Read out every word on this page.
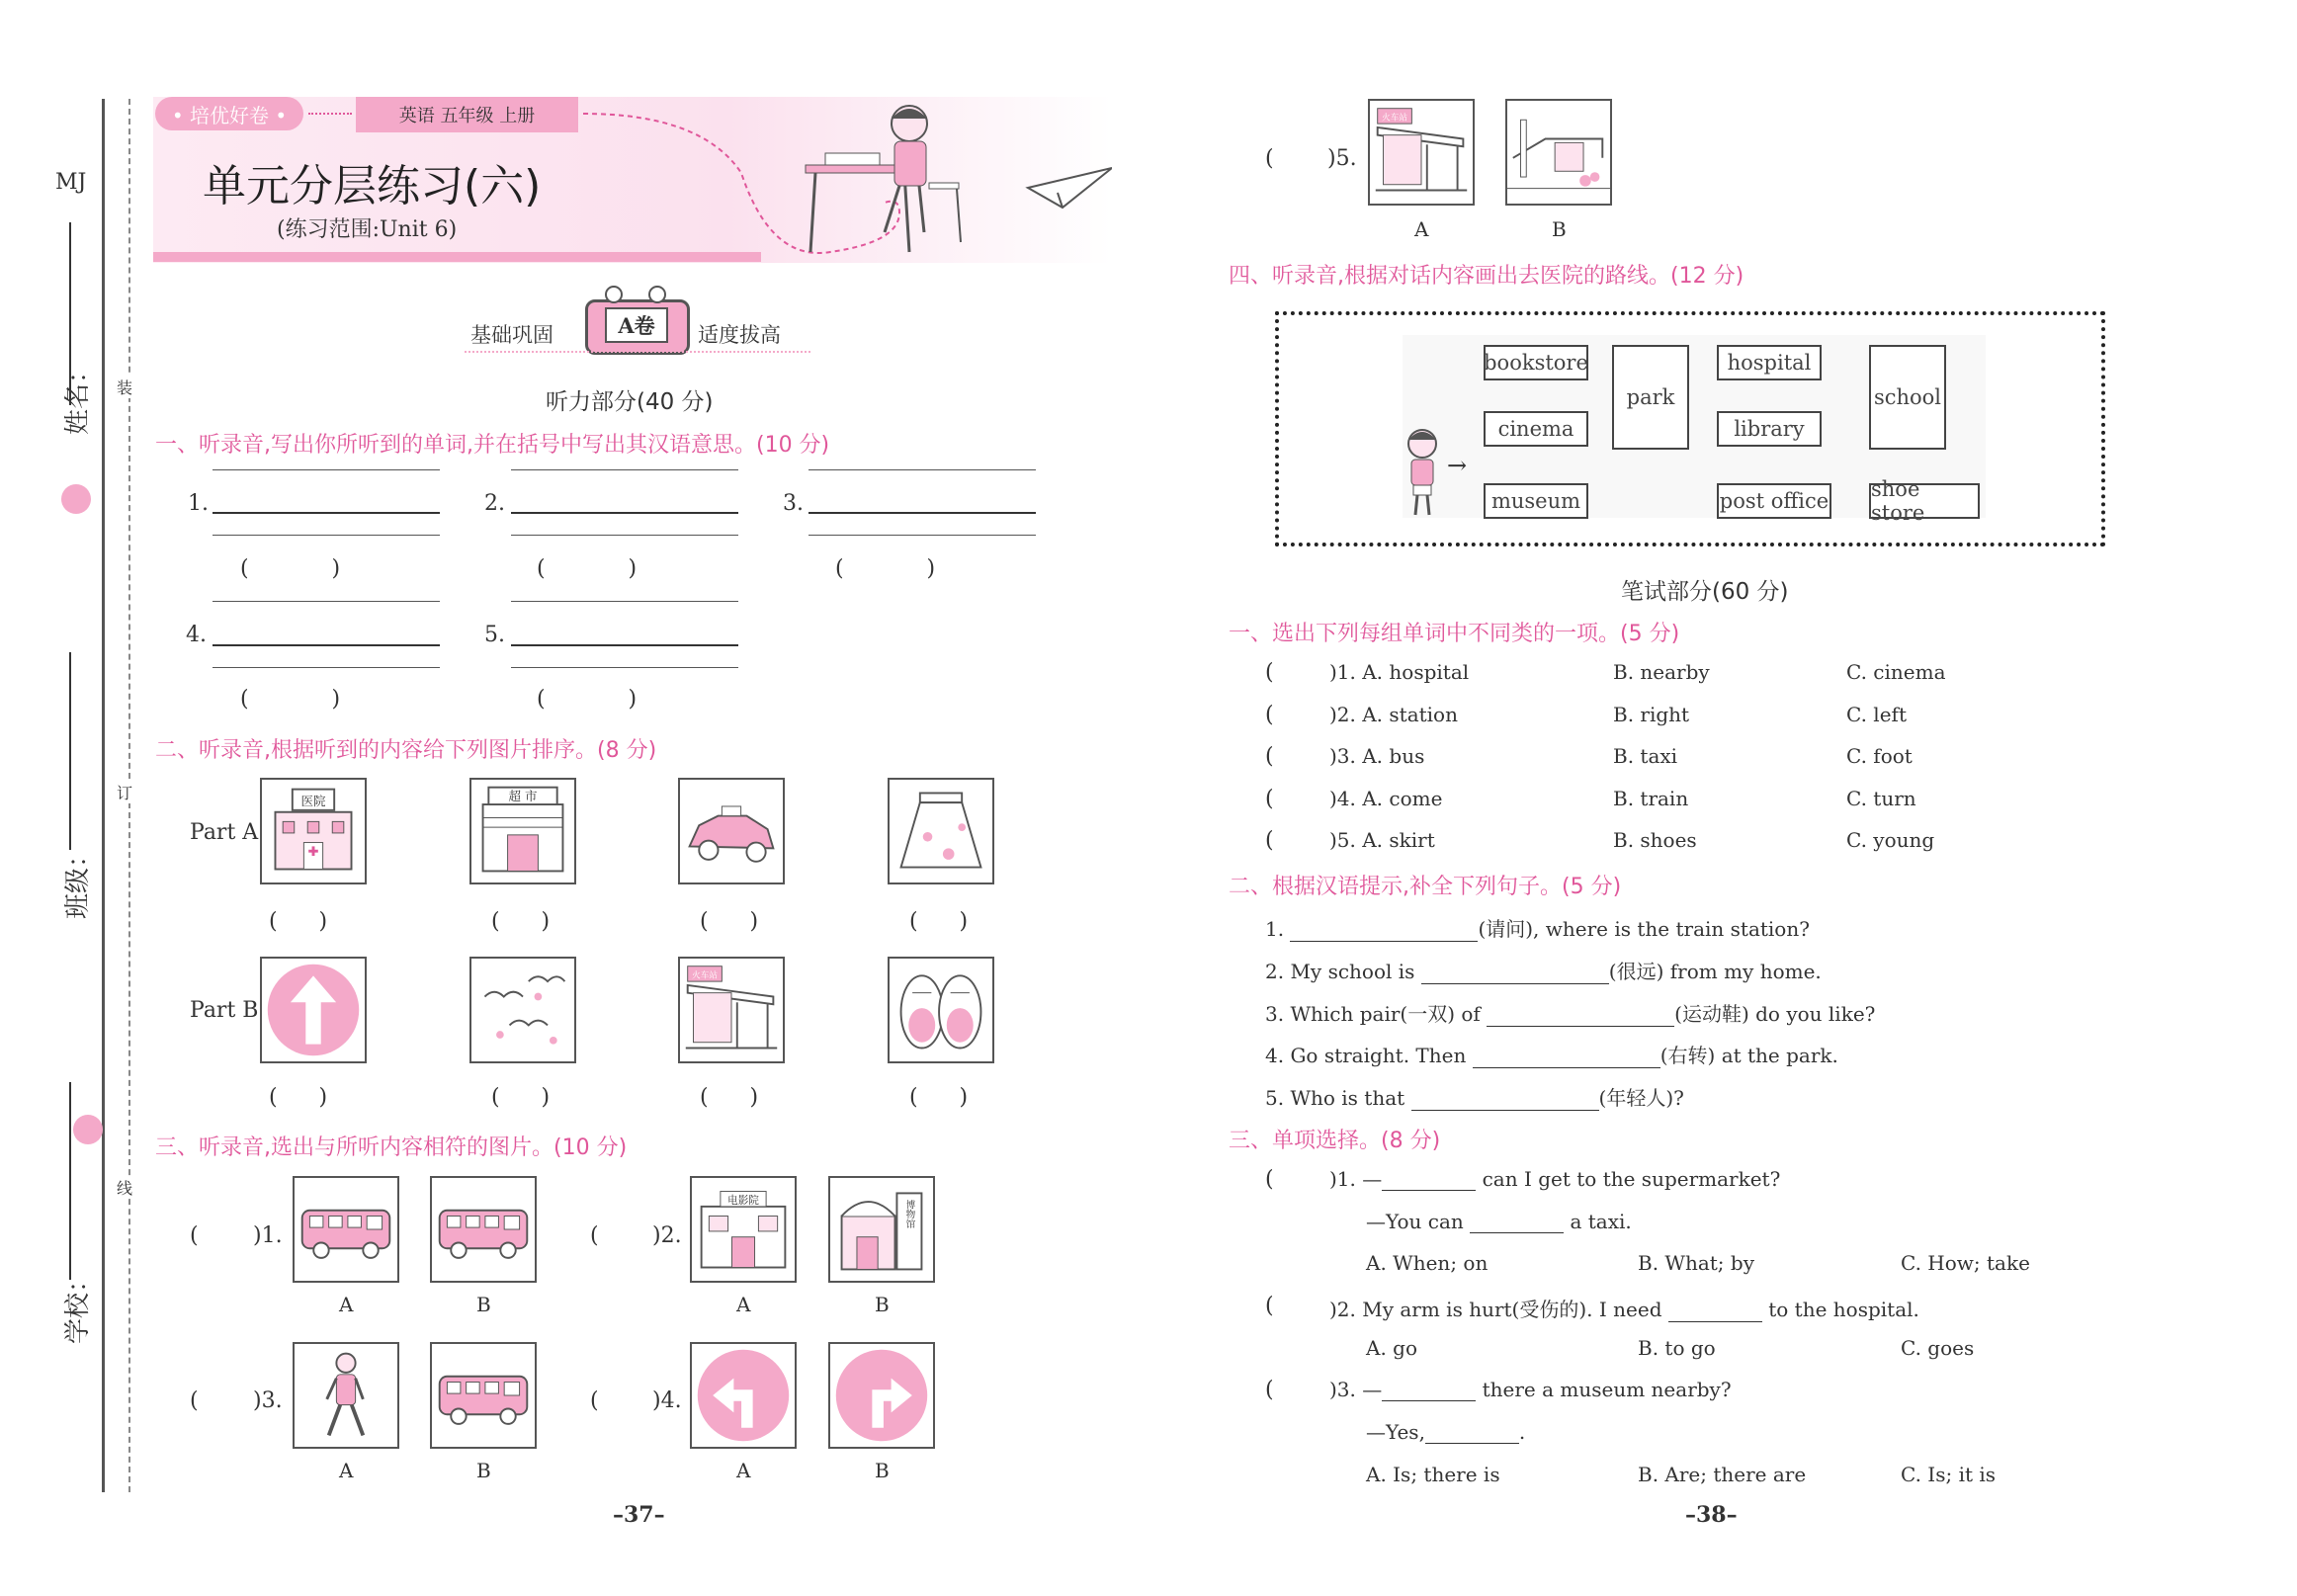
MJ
装
订
线
姓名：
班级：
学校：
• 培优好卷 •	英语 五年级 上册
单元分层练习(六)
(练习范围:Unit 6)
基础巩固	A卷	适度拔高
听力部分(40 分)
一、听录音,写出你所听到的单词,并在括号中写出其汉语意思。(10 分)
1.
(            )
2.
(            )
3.
(            )
4.
(            )
5.
(            )
二、听录音,根据听到的内容给下列图片排序。(8 分)
Part A
Part B
医院	超 市
(      )	(      )	(      )	(      )
火车站
(      )	(      )	(      )	(      )
三、听录音,选出与所听内容相符的图片。(10 分)
( )1.
A	B
( )2.
电影院	博物馆
A	B
( )3.
A	B
( )4.
A	B
–37–
( )5.
火车站
A	B
四、听录音,根据对话内容画出去医院的路线。(12 分)
bookstore
cinema
museum
park
hospital
library
post office
school
shoe store
→
笔试部分(60 分)
一、选出下列每组单词中不同类的一项。(5 分)
( )1. A. hospital	B. nearby	C. cinema
( )2. A. station	B. right	C. left
( )3. A. bus	B. taxi	C. foot
( )4. A. come	B. train	C. turn
( )5. A. skirt	B. shoes	C. young
二、根据汉语提示,补全下列句子。(5 分)
1.	(请问), where is the train station?
2. My school is	(很远) from my home.
3. Which pair(一双) of	(运动鞋) do you like?
4. Go straight. Then	(右转) at the park.
5. Who is that	(年轻人)?
三、单项选择。(8 分)
( )1. —	can I get to the supermarket?
—You can	a taxi.
A. When; on	B. What; by	C. How; take
( )2. My arm is hurt(受伤的). I need	to the hospital.
A. go	B. to go	C. goes
( )3. —	there a museum nearby?
—Yes,	.
A. Is; there is	B. Are; there are	C. Is; it is
–38–
